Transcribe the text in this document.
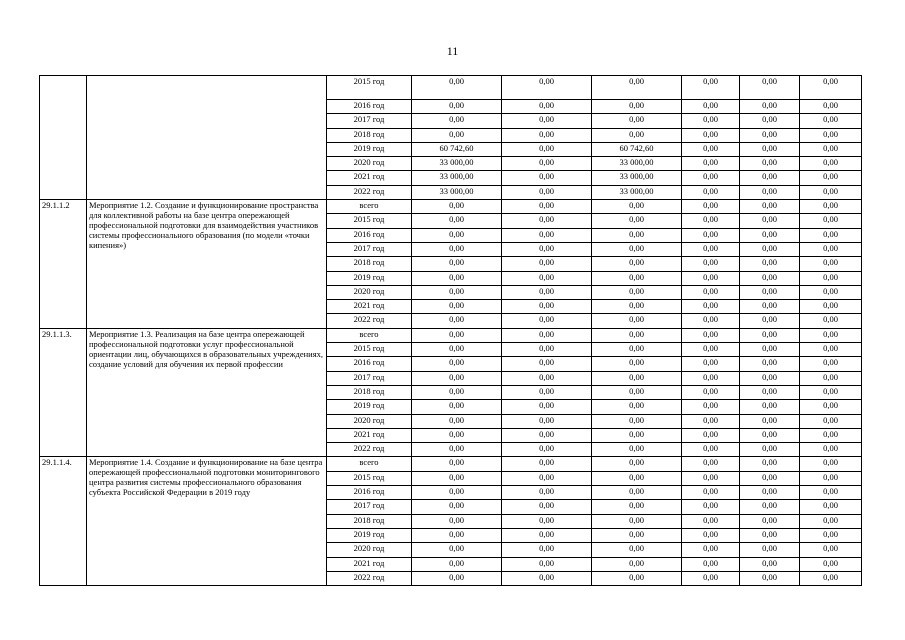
11
		2015 год	0,00	0,00	0,00	0,00	0,00	0,00
		2016 год	0,00	0,00	0,00	0,00	0,00	0,00
		2017 год	0,00	0,00	0,00	0,00	0,00	0,00
		2018 год	0,00	0,00	0,00	0,00	0,00	0,00
		2019 год	60 742,60	0,00	60 742,60	0,00	0,00	0,00
		2020 год	33 000,00	0,00	33 000,00	0,00	0,00	0,00
		2021 год	33 000,00	0,00	33 000,00	0,00	0,00	0,00
		2022 год	33 000,00	0,00	33 000,00	0,00	0,00	0,00
29.1.1.2	Мероприятие 1.2. Создание и функционирование пространства для коллективной работы на базе центра опережающей профессиональной подготовки для взаимодействия участников системы профессионального образования (по модели «точки кипения»)	всего	0,00	0,00	0,00	0,00	0,00	0,00
		2015 год	0,00	0,00	0,00	0,00	0,00	0,00
		2016 год	0,00	0,00	0,00	0,00	0,00	0,00
		2017 год	0,00	0,00	0,00	0,00	0,00	0,00
		2018 год	0,00	0,00	0,00	0,00	0,00	0,00
		2019 год	0,00	0,00	0,00	0,00	0,00	0,00
		2020 год	0,00	0,00	0,00	0,00	0,00	0,00
		2021 год	0,00	0,00	0,00	0,00	0,00	0,00
		2022 год	0,00	0,00	0,00	0,00	0,00	0,00
29.1.1.3.	Мероприятие 1.3. Реализация на базе центра опережающей профессиональной подготовки услуг профессиональной ориентации лиц, обучающихся в образовательных учреждениях, создание условий для обучения их первой профессии	всего	0,00	0,00	0,00	0,00	0,00	0,00
		2015 год	0,00	0,00	0,00	0,00	0,00	0,00
		2016 год	0,00	0,00	0,00	0,00	0,00	0,00
		2017 год	0,00	0,00	0,00	0,00	0,00	0,00
		2018 год	0,00	0,00	0,00	0,00	0,00	0,00
		2019 год	0,00	0,00	0,00	0,00	0,00	0,00
		2020 год	0,00	0,00	0,00	0,00	0,00	0,00
		2021 год	0,00	0,00	0,00	0,00	0,00	0,00
		2022 год	0,00	0,00	0,00	0,00	0,00	0,00
29.1.1.4.	Мероприятие 1.4. Создание и функционирование на базе центра опережающей профессиональной подготовки мониторингового центра развития системы профессионального образования субъекта Российской Федерации в 2019 году	всего	0,00	0,00	0,00	0,00	0,00	0,00
		2015 год	0,00	0,00	0,00	0,00	0,00	0,00
		2016 год	0,00	0,00	0,00	0,00	0,00	0,00
		2017 год	0,00	0,00	0,00	0,00	0,00	0,00
		2018 год	0,00	0,00	0,00	0,00	0,00	0,00
		2019 год	0,00	0,00	0,00	0,00	0,00	0,00
		2020 год	0,00	0,00	0,00	0,00	0,00	0,00
		2021 год	0,00	0,00	0,00	0,00	0,00	0,00
		2022 год	0,00	0,00	0,00	0,00	0,00	0,00
